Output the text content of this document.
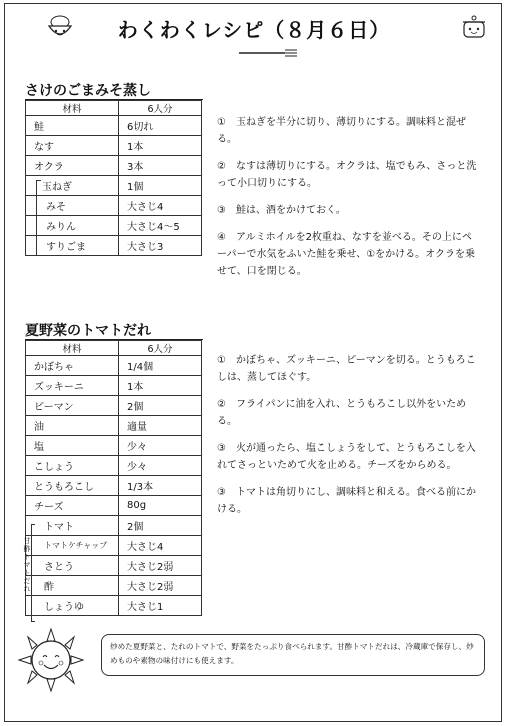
わくわくレシピ（８月６日）
さけのごまみそ蒸し
材料	6人分
鮭	6切れ
なす	1本
オクラ	3本
玉ねぎ	1個
みそ	大さじ4
みりん	大さじ4～5
すりごま	大さじ3

①　玉ねぎを半分に切り、薄切りにする。調味料と混ぜる。

②　なすは薄切りにする。オクラは、塩でもみ、さっと洗って小口切りにする。

③　鮭は、酒をかけておく。

④　アルミホイルを2枚重ね、なすを並べる。その上にペーパーで水気をふいた鮭を乗せ、①をかける。オクラを乗せて、口を閉じる。

夏野菜のトマトだれ
材料	6人分
かぼちゃ	1/4個
ズッキーニ	1本
ピーマン	2個
油	適量
塩	少々
こしょう	少々
とうもろこし	1/3本
チーズ	80g
トマト	2個
トマトケチャップ	大さじ4
さとう	大さじ2弱
酢	大さじ2弱
しょうゆ	大さじ1
甘酢トマトだれ

①　かぼちゃ、ズッキーニ、ピーマンを切る。とうもろこしは、蒸してほぐす。

②　フライパンに油を入れ、とうもろこし以外をいためる。

③　火が通ったら、塩こしょうをして、とうもろこしを入れてさっといためて火を止める。チーズをからめる。

③　トマトは角切りにし、調味料と和える。食べる前にかける。

炒めた夏野菜と、たれのトマトで、野菜をたっぷり食べられます。甘酢トマトだれは、冷蔵庫で保存し、炒めものや素物の味付けにも使えます。
